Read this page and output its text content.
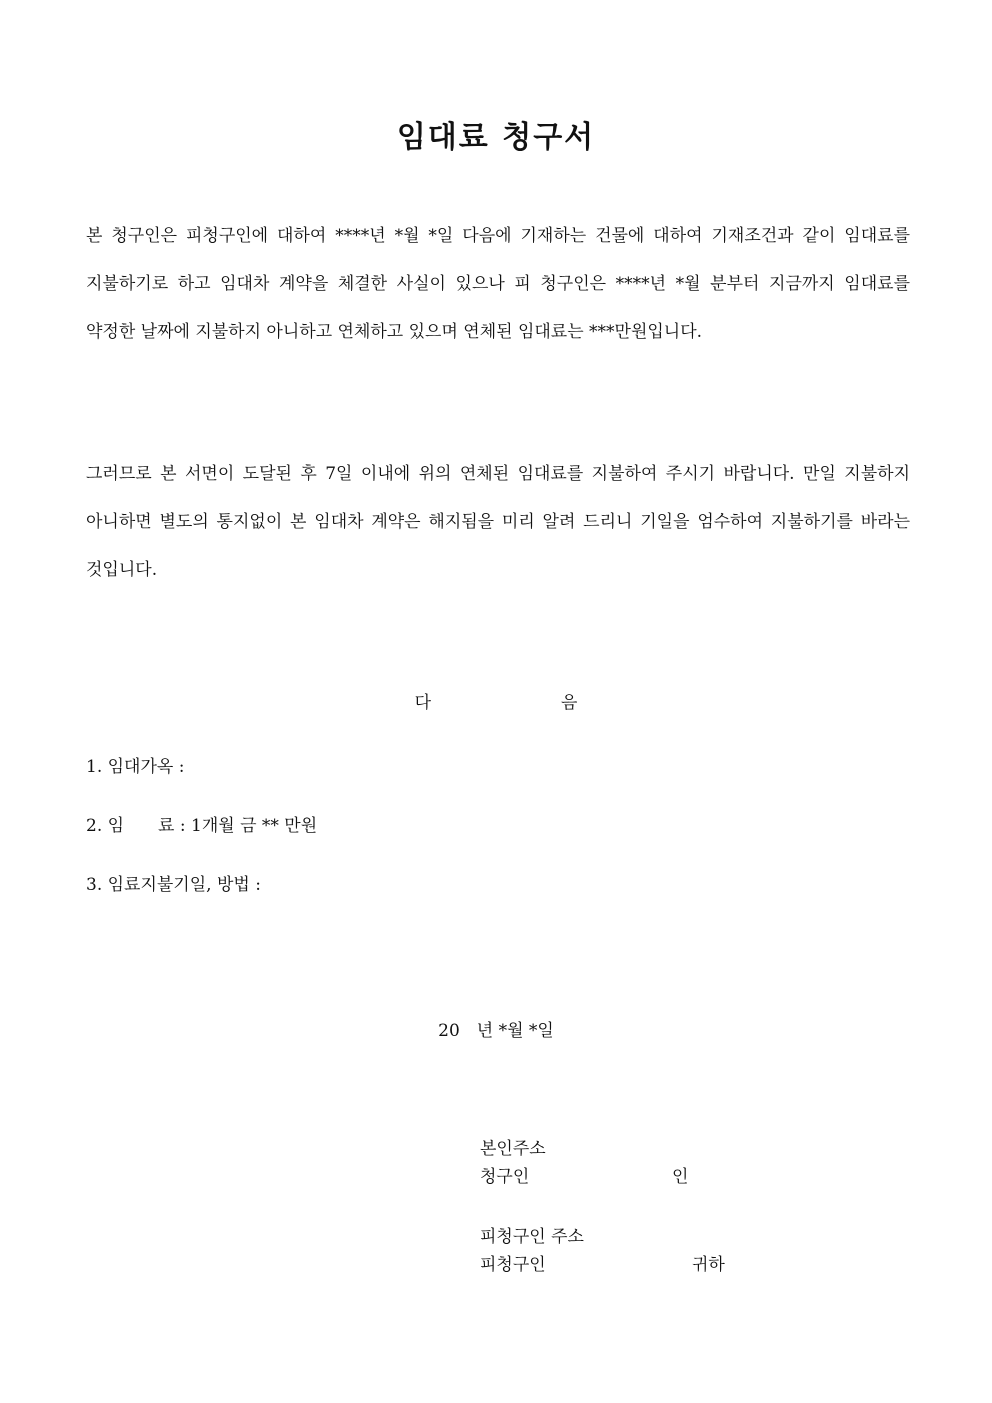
임대료 청구서

본 청구인은 피청구인에 대하여 ****년 *월 *일 다음에 기재하는 건물에 대하여 기재조건과 같이 임대료를 지불하기로 하고 임대차 계약을 체결한 사실이 있으나 피 청구인은 ****년 *월 분부터 지금까지 임대료를 약정한 날짜에 지불하지 아니하고 연체하고 있으며 연체된 임대료는 ***만원입니다.

그러므로 본 서면이 도달된 후 7일 이내에 위의 연체된 임대료를 지불하여 주시기 바랍니다. 만일 지불하지 아니하면 별도의 통지없이 본 임대차 계약은 해지됨을 미리 알려 드리니 기일을 엄수하여 지불하기를 바라는 것입니다.

다	음
1. 임대가옥 :
2. 임　　료 : 1개월 금 ** 만원
3. 임료지불기일, 방법 :
20　년 *월 *일
본인주소
청구인	인
피청구인 주소
피청구인	귀하
